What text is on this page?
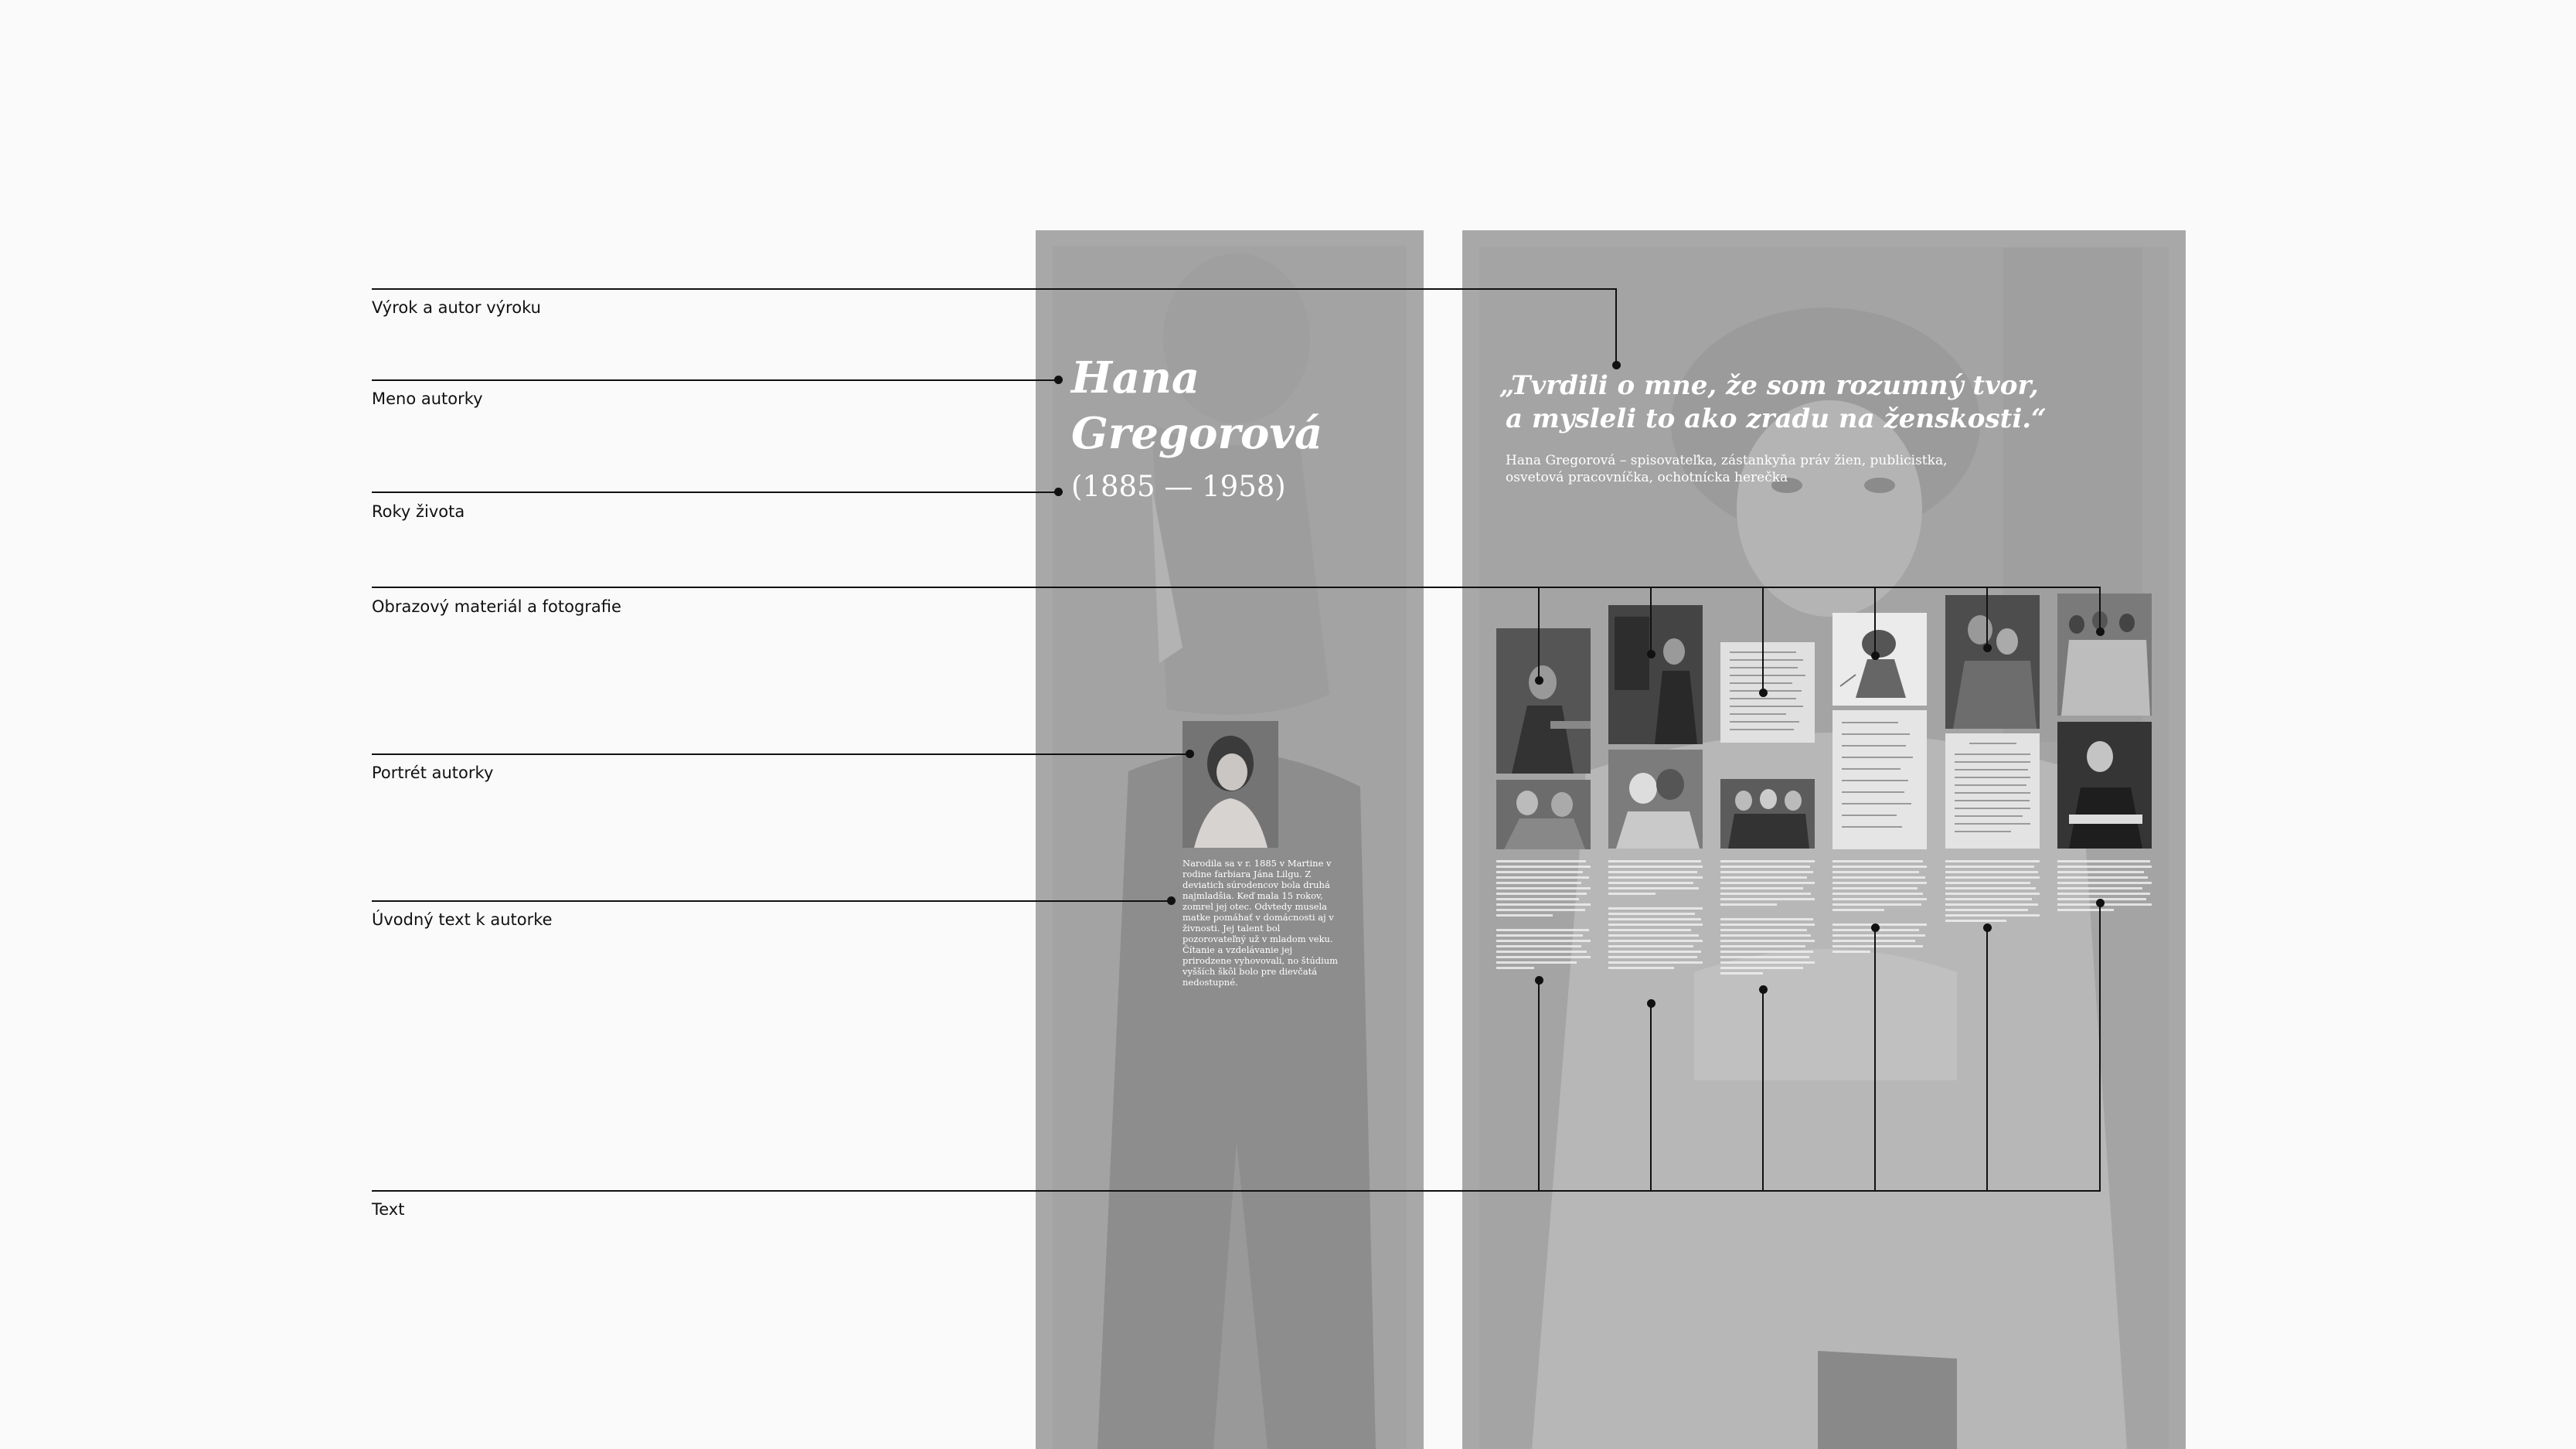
Hana
Gregorová
(1885 — 1958)
Narodila sa v r. 1885 v Martine v rodine farbiara Jána Lilgu. Z deviatich súrodencov bola druhá najmladšia. Keď mala 15 rokov, zomrel jej otec. Odvtedy musela matke pomáhať v domácnosti aj v živnosti. Jej talent bol pozorovateľný už v mladom veku. Čítanie a vzdelávanie jej prirodzene vyhovovali, no štúdium vyšších škôl bolo pre dievčatá nedostupné.
„Tvrdili o mne, že som rozumný tvor,
a mysleli to ako zradu na ženskosti.“
Hana Gregorová – spisovateľka, zástankyňa práv žien, publicistka,
osvetová pracovníčka, ochotnícka herečka
Výrok a autor výroku
Meno autorky
Roky života
Obrazový materiál a fotografie
Portrét autorky
Úvodný text k autorke
Text
